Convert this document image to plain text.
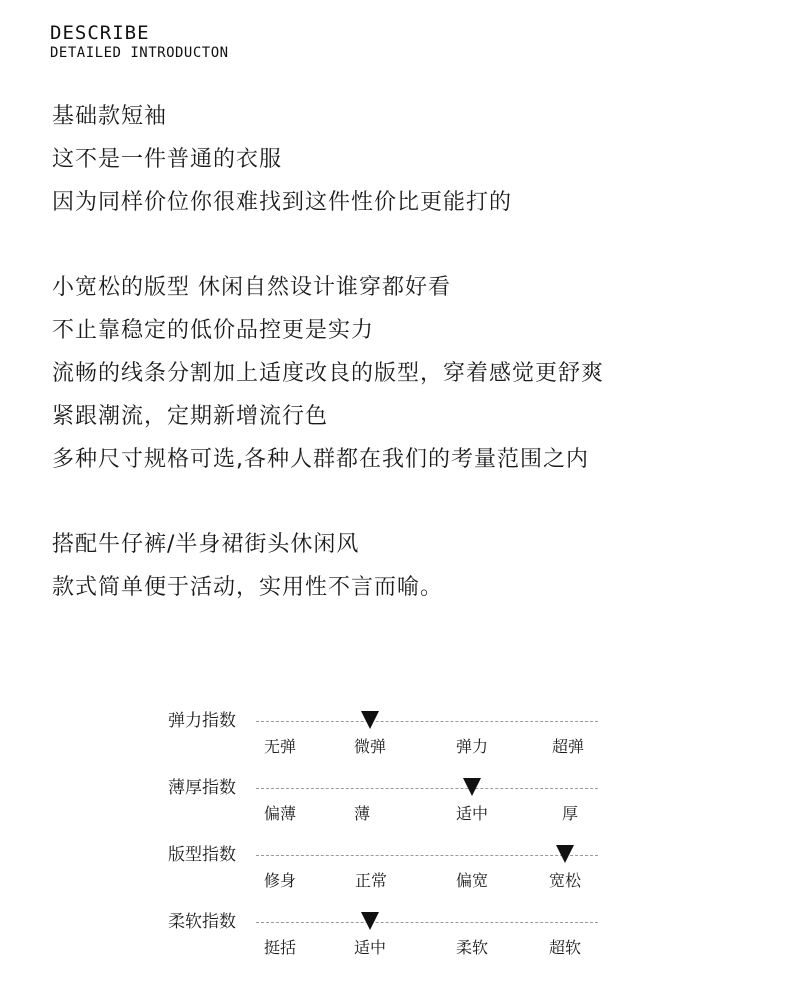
DESCRIBE
DETAILED INTRODUCTON
基础款短袖
这不是一件普通的衣服
因为同样价位你很难找到这件性价比更能打的
小宽松的版型 休闲自然设计谁穿都好看
不止靠稳定的低价品控更是实力
流畅的线条分割加上适度改良的版型，穿着感觉更舒爽
紧跟潮流，定期新增流行色
多种尺寸规格可选,各种人群都在我们的考量范围之内
搭配牛仔裤/半身裙街头休闲风
款式简单便于活动，实用性不言而喻。
弹力指数
无弹	微弹	弹力	超弹
薄厚指数
偏薄	薄	适中	厚
版型指数
修身	正常	偏宽	宽松
柔软指数
挺括	适中	柔软	超软
